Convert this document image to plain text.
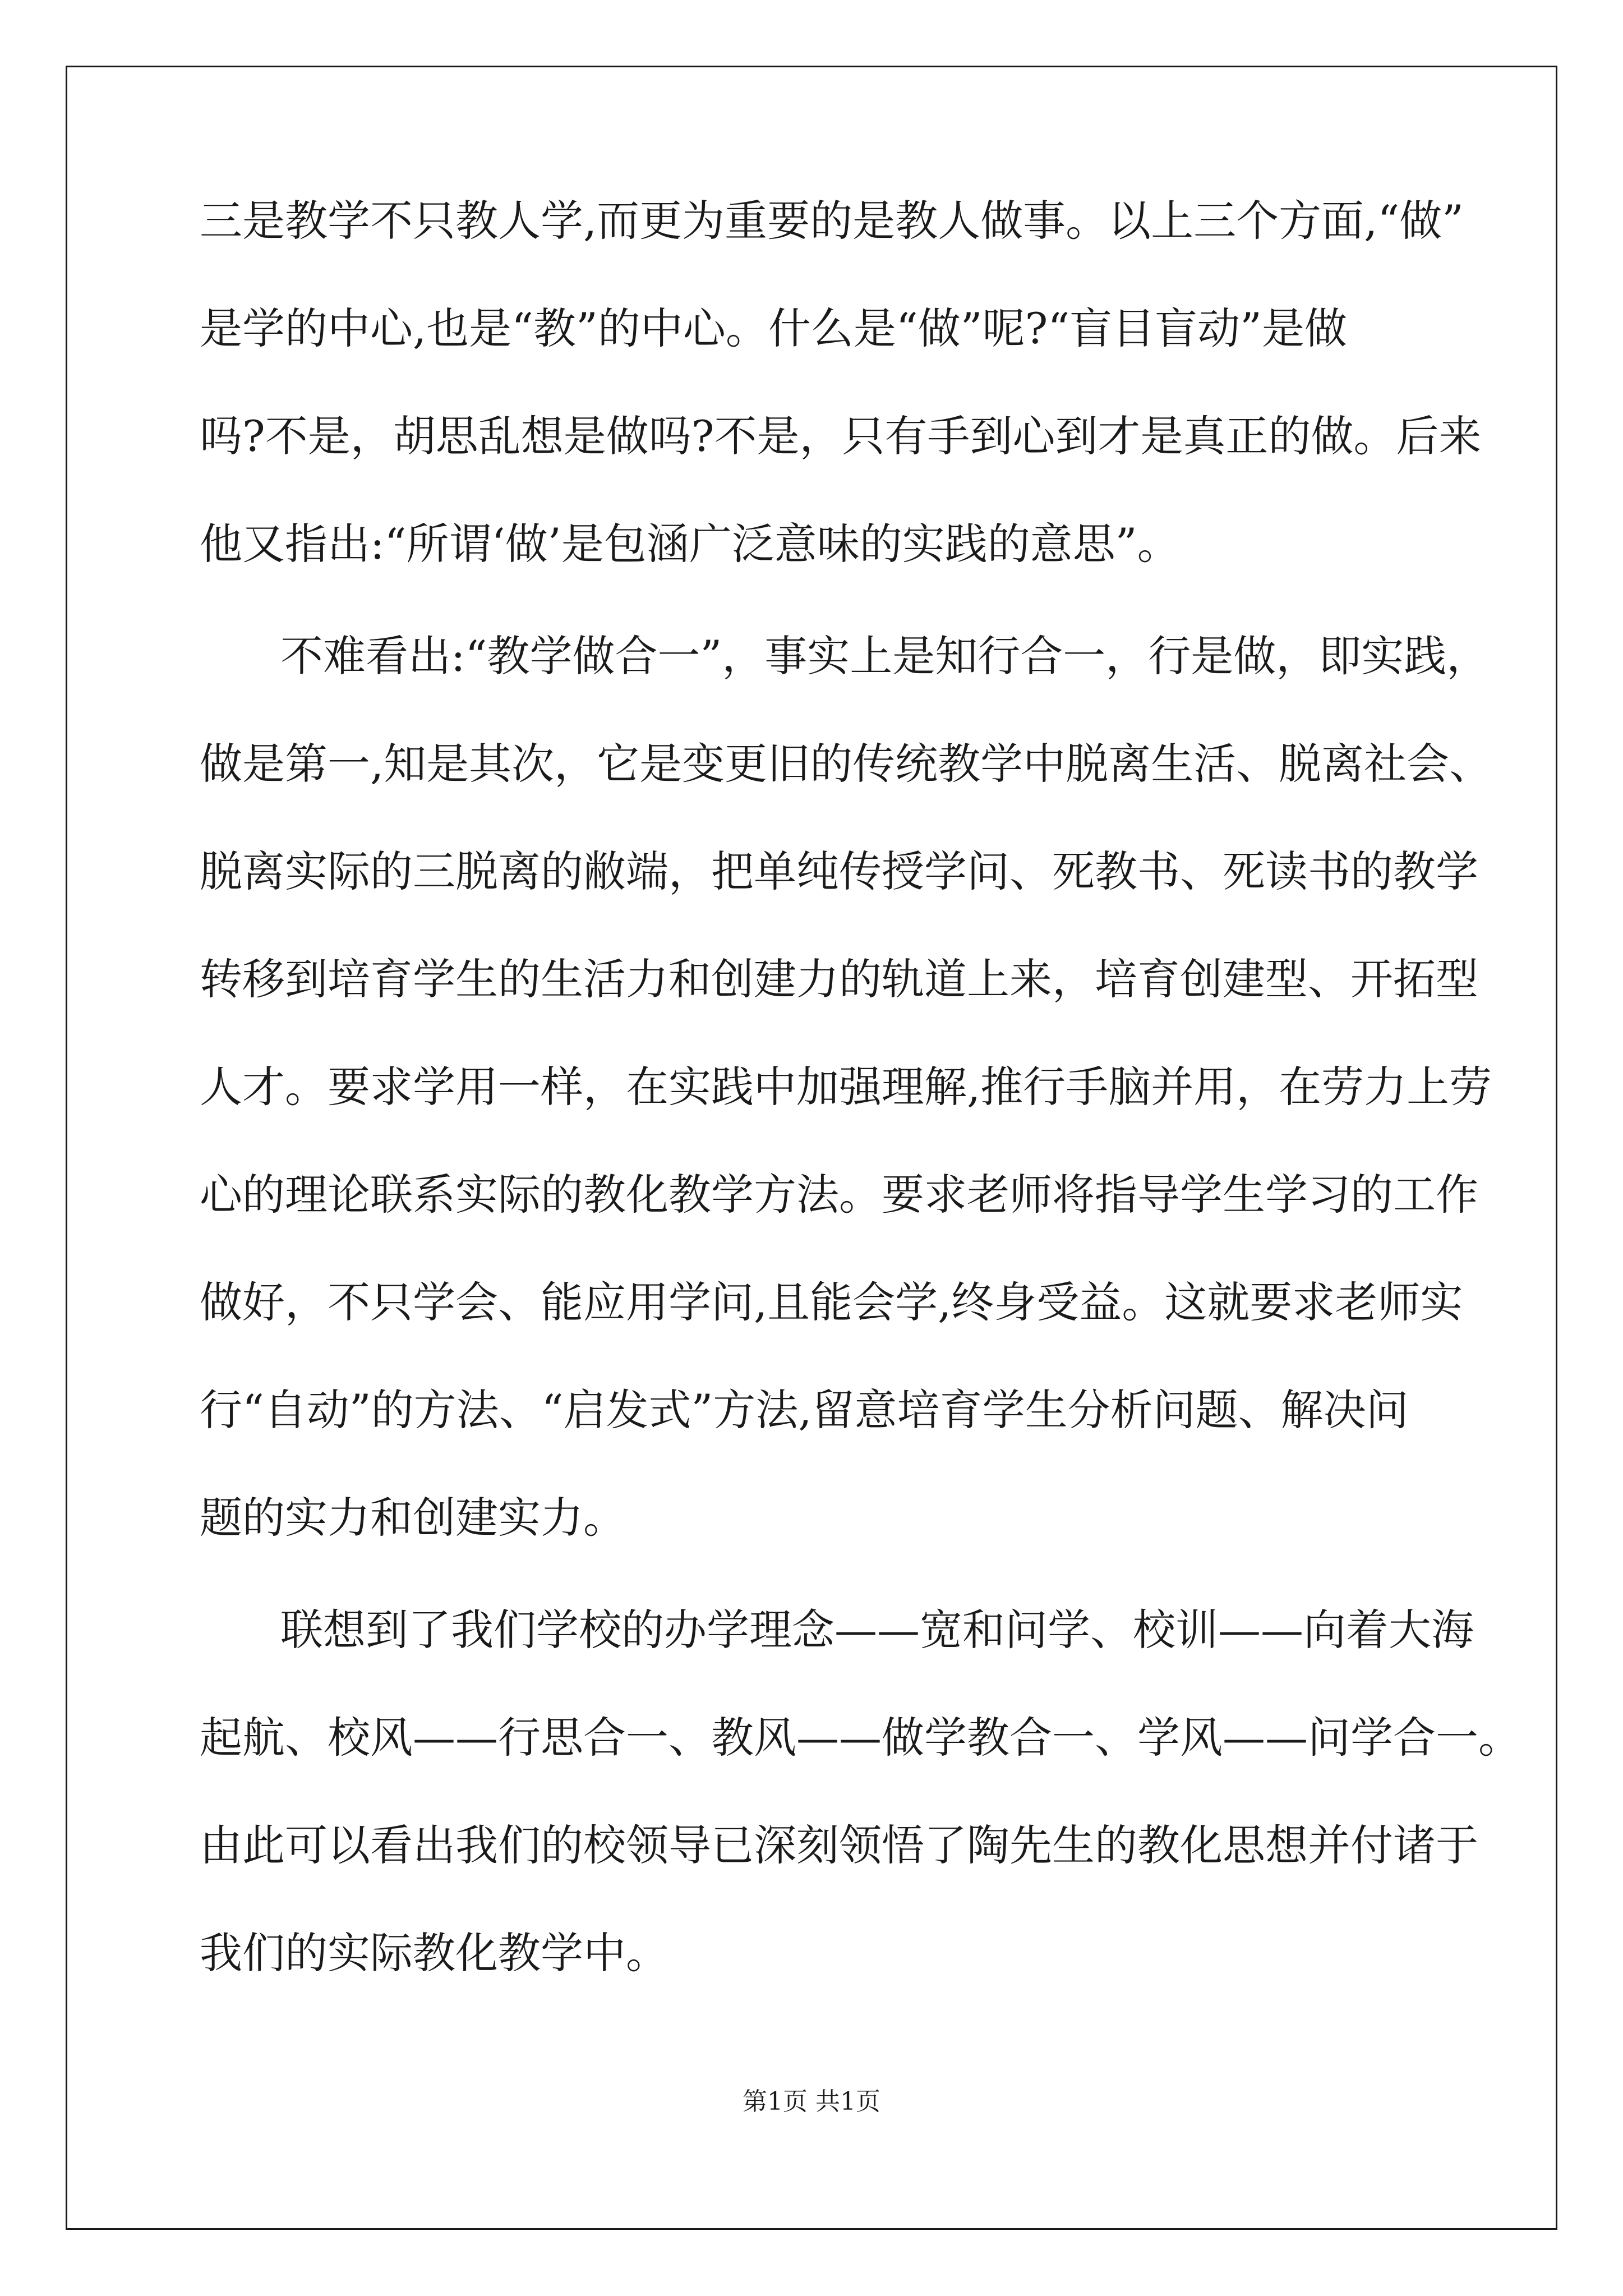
三是教学不只教人学,而更为重要的是教人做事。以上三个方面,“做”
是学的中心,也是“教”的中心。什么是“做”呢?“盲目盲动”是做
吗?不是，胡思乱想是做吗?不是，只有手到心到才是真正的做。后来
他又指出:“所谓‘做’是包涵广泛意味的实践的意思”。
不难看出:“教学做合一”，事实上是知行合一，行是做，即实践，
做是第一,知是其次，它是变更旧的传统教学中脱离生活、脱离社会、
脱离实际的三脱离的敝端，把单纯传授学问、死教书、死读书的教学
转移到培育学生的生活力和创建力的轨道上来，培育创建型、开拓型
人才。要求学用一样，在实践中加强理解,推行手脑并用，在劳力上劳
心的理论联系实际的教化教学方法。要求老师将指导学生学习的工作
做好，不只学会、能应用学问,且能会学,终身受益。这就要求老师实
行“自动”的方法、“启发式”方法,留意培育学生分析问题、解决问
题的实力和创建实力。
联想到了我们学校的办学理念——宽和问学、校训——向着大海
起航、校风——行思合一、教风——做学教合一、学风——问学合一。
由此可以看出我们的校领导已深刻领悟了陶先生的教化思想并付诸于
我们的实际教化教学中。
第1页 共1页
